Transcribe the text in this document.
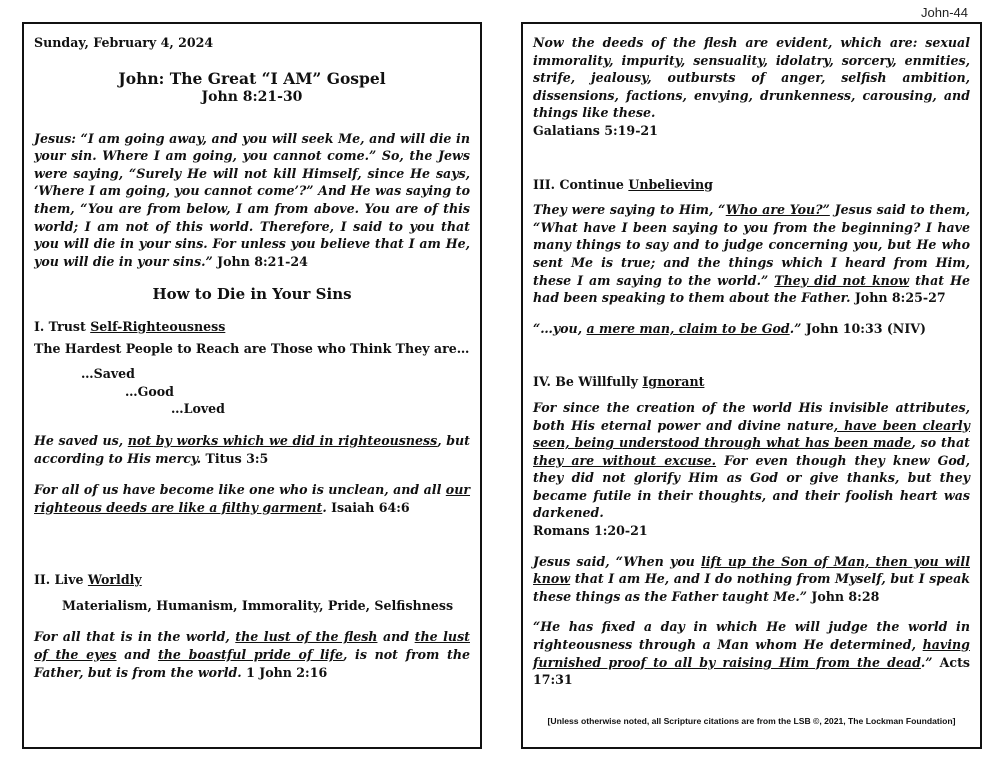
John-44

Sunday, February 4, 2024

John: The Great “I AM” Gospel

John 8:21-30

Jesus: “I am going away, and you will seek Me, and will die in your sin. Where I am going, you cannot come.” So, the Jews were saying, “Surely He will not kill Himself, since He says, ‘Where I am going, you cannot come’?” And He was saying to them, “You are from below, I am from above. You are of this world; I am not of this world. Therefore, I said to you that you will die in your sins. For unless you believe that I am He, you will die in your sins.” John 8:21-24

How to Die in Your Sins

I. Trust Self-Righteousness

The Hardest People to Reach are Those who Think They are…

…Saved

…Good

…Loved

He saved us, not by works which we did in righteousness, but according to His mercy. Titus 3:5

For all of us have become like one who is unclean, and all our righteous deeds are like a filthy garment. Isaiah 64:6

II. Live Worldly

Materialism, Humanism, Immorality, Pride, Selfishness

For all that is in the world, the lust of the flesh and the lust of the eyes and the boastful pride of life, is not from the Father, but is from the world. 1 John 2:16

Now the deeds of the flesh are evident, which are: sexual immorality, impurity, sensuality, idolatry, sorcery, enmities, strife, jealousy, outbursts of anger, selfish ambition, dissensions, factions, envying, drunkenness, carousing, and things like these.

Galatians 5:19-21

III. Continue Unbelieving

They were saying to Him, “Who are You?” Jesus said to them, “What have I been saying to you from the beginning? I have many things to say and to judge concerning you, but He who sent Me is true; and the things which I heard from Him, these I am saying to the world.” They did not know that He had been speaking to them about the Father. John 8:25-27

“…you, a mere man, claim to be God.” John 10:33 (NIV)

IV. Be Willfully Ignorant

For since the creation of the world His invisible attributes, both His eternal power and divine nature, have been clearly seen, being understood through what has been made, so that they are without excuse. For even though they knew God, they did not glorify Him as God or give thanks, but they became futile in their thoughts, and their foolish heart was darkened.

Romans 1:20-21

Jesus said, “When you lift up the Son of Man, then you will know that I am He, and I do nothing from Myself, but I speak these things as the Father taught Me.” John 8:28

“He has fixed a day in which He will judge the world in righteousness through a Man whom He determined, having furnished proof to all by raising Him from the dead.” Acts 17:31

[Unless otherwise noted, all Scripture citations are from the LSB ©, 2021, The Lockman Foundation]
